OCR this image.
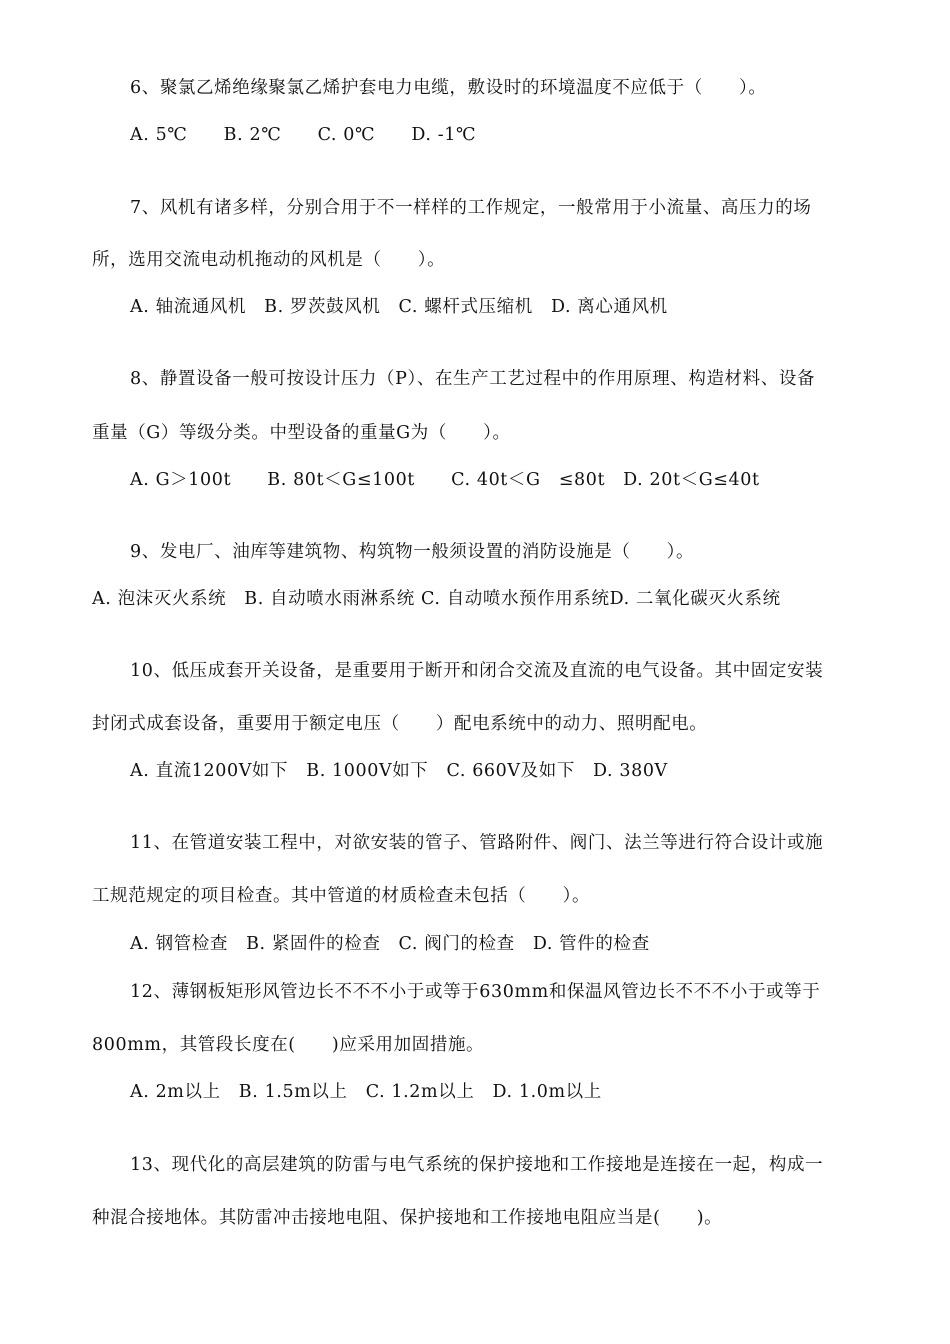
6、聚氯乙烯绝缘聚氯乙烯护套电力电缆，敷设时的环境温度不应低于（　　）。
A. 5℃　　B. 2℃　　C. 0℃　　D. -1℃
7、风机有诸多样，分别合用于不一样样的工作规定，一般常用于小流量、高压力的场
所，选用交流电动机拖动的风机是（　　）。
A. 轴流通风机　B. 罗茨鼓风机　C. 螺杆式压缩机　D. 离心通风机
8、静置设备一般可按设计压力（P）、在生产工艺过程中的作用原理、构造材料、设备
重量（G）等级分类。中型设备的重量G为（　　）。
A. G＞100t　　B. 80t＜G≤100t　　C. 40t＜G　≤80t　D. 20t＜G≤40t
9、发电厂、油库等建筑物、构筑物一般须设置的消防设施是（　　）。
A. 泡沫灭火系统　B. 自动喷水雨淋系统 C. 自动喷水预作用系统D. 二氧化碳灭火系统
10、低压成套开关设备，是重要用于断开和闭合交流及直流的电气设备。其中固定安装
封闭式成套设备，重要用于额定电压（　　）配电系统中的动力、照明配电。
A. 直流1200V如下　B. 1000V如下　C. 660V及如下　D. 380V
11、在管道安装工程中，对欲安装的管子、管路附件、阀门、法兰等进行符合设计或施
工规范规定的项目检查。其中管道的材质检查未包括（　　）。
A. 钢管检查　B. 紧固件的检查　C. 阀门的检查　D. 管件的检查
12、薄钢板矩形风管边长不不不小于或等于630mm和保温风管边长不不不小于或等于
800mm，其管段长度在(　　)应采用加固措施。
A. 2m以上　B. 1.5m以上　C. 1.2m以上　D. 1.0m以上
13、现代化的高层建筑的防雷与电气系统的保护接地和工作接地是连接在一起，构成一
种混合接地体。其防雷冲击接地电阻、保护接地和工作接地电阻应当是(　　)。
